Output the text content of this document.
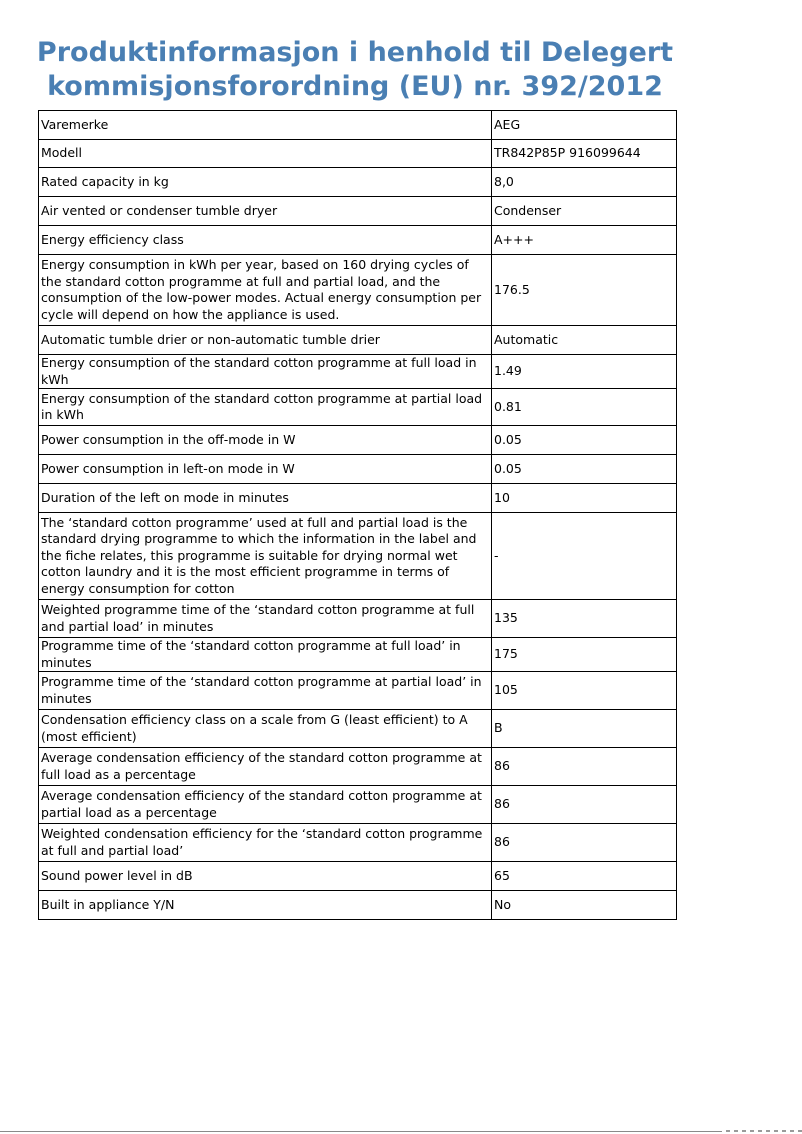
Produktinformasjon i henhold til Delegert
kommisjonsforordning (EU) nr. 392/2012
Varemerke	AEG
Modell	TR842P85P 916099644
Rated capacity in kg	8,0
Air vented or condenser tumble dryer	Condenser
Energy efficiency class	A+++
Energy consumption in kWh per year, based on 160 drying cycles of the standard cotton programme at full and partial load, and the consumption of the low-power modes. Actual energy consumption per cycle will depend on how the appliance is used.	176.5
Automatic tumble drier or non-automatic tumble drier	Automatic
Energy consumption of the standard cotton programme at full load in kWh	1.49
Energy consumption of the standard cotton programme at partial load in kWh	0.81
Power consumption in the off-mode in W	0.05
Power consumption in left-on mode in W	0.05
Duration of the left on mode in minutes	10
The ‘standard cotton programme’ used at full and partial load is the standard drying programme to which the information in the label and the fiche relates, this programme is suitable for drying normal wet cotton laundry and it is the most efficient programme in terms of energy consumption for cotton	-
Weighted programme time of the ‘standard cotton programme at full and partial load’ in minutes	135
Programme time of the ‘standard cotton programme at full load’ in minutes	175
Programme time of the ‘standard cotton programme at partial load’ in minutes	105
Condensation efficiency class on a scale from G (least efficient) to A (most efficient)	B
Average condensation efficiency of the standard cotton programme at full load as a percentage	86
Average condensation efficiency of the standard cotton programme at partial load as a percentage	86
Weighted condensation efficiency for the ‘standard cotton programme at full and partial load’	86
Sound power level in dB	65
Built in appliance Y/N	No
